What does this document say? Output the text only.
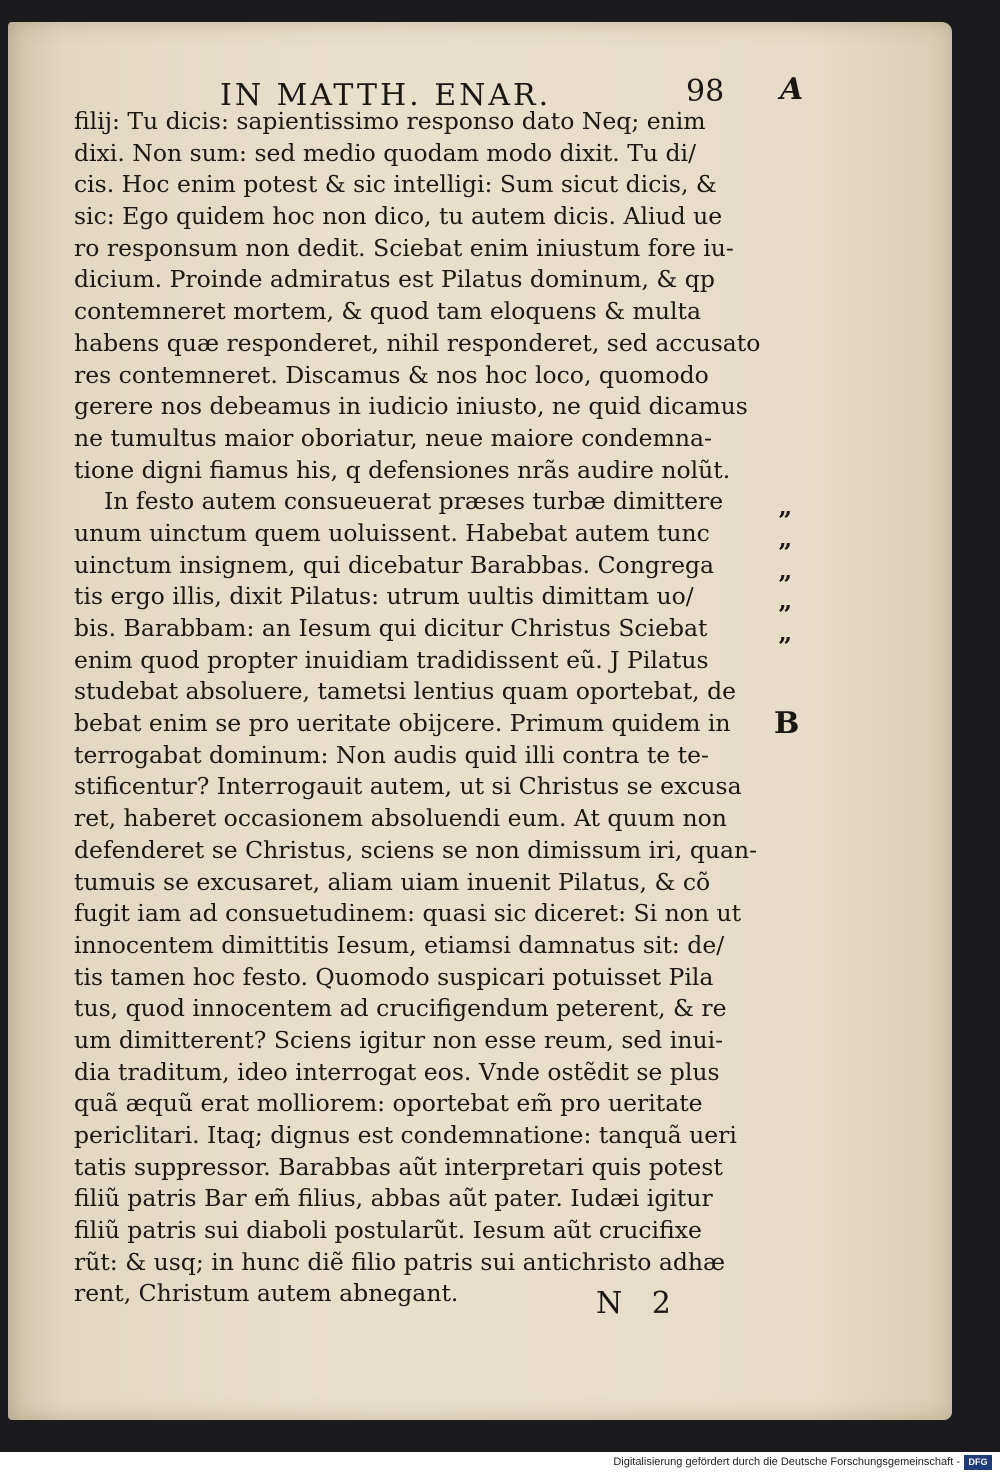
IN MATTH. ENAR.	98 A
B
”
”
”
”
”
filij: Tu dicis: sapientissimo responso dato Neq; enim
dixi. Non sum: sed medio quodam modo dixit. Tu di/
cis. Hoc enim potest & sic intelligi: Sum sicut dicis, &
sic: Ego quidem hoc non dico, tu autem dicis. Aliud ue
ro responsum non dedit. Sciebat enim iniustum fore iu-
dicium. Proinde admiratus est Pilatus dominum, & qp
contemneret mortem, & quod tam eloquens & multa
habens quæ responderet, nihil responderet, sed accusato
res contemneret. Discamus & nos hoc loco, quomodo
gerere nos debeamus in iudicio iniusto, ne quid dicamus
ne tumultus maior oboriatur, neue maiore condemna-
tione digni fiamus his, q defensiones nrãs audire nolũt.
In festo autem consueuerat præses turbæ dimittere
unum uinctum quem uoluissent. Habebat autem tunc
uinctum insignem, qui dicebatur Barabbas. Congrega
tis ergo illis, dixit Pilatus: utrum uultis dimittam uo/
bis. Barabbam: an Iesum qui dicitur Christus Sciebat
enim quod propter inuidiam tradidissent eũ. J Pilatus
studebat absoluere, tametsi lentius quam oportebat, de
bebat enim se pro ueritate obijcere. Primum quidem in
terrogabat dominum: Non audis quid illi contra te te-
stificentur? Interrogauit autem, ut si Christus se excusa
ret, haberet occasionem absoluendi eum. At quum non
defenderet se Christus, sciens se non dimissum iri, quan-
tumuis se excusaret, aliam uiam inuenit Pilatus, & cõ
fugit iam ad consuetudinem: quasi sic diceret: Si non ut
innocentem dimittitis Iesum, etiamsi damnatus sit: de/
tis tamen hoc festo. Quomodo suspicari potuisset Pila
tus, quod innocentem ad crucifigendum peterent, & re
um dimitterent? Sciens igitur non esse reum, sed inui-
dia traditum, ideo interrogat eos. Vnde ostẽdit se plus
quã æquũ erat molliorem: oportebat em̃ pro ueritate
periclitari. Itaq; dignus est condemnatione: tanquã ueri
tatis suppressor. Barabbas aũt interpretari quis potest
filiũ patris Bar em̃ filius, abbas aũt pater. Iudæi igitur
filiũ patris sui diaboli postularũt. Iesum aũt crucifixe
rũt: & usq; in hunc diẽ filio patris sui antichristo adhæ
rent, Christum autem abnegant.	N 2
Digitalisierung gefördert durch die Deutsche Forschungsgemeinschaft - DFG
